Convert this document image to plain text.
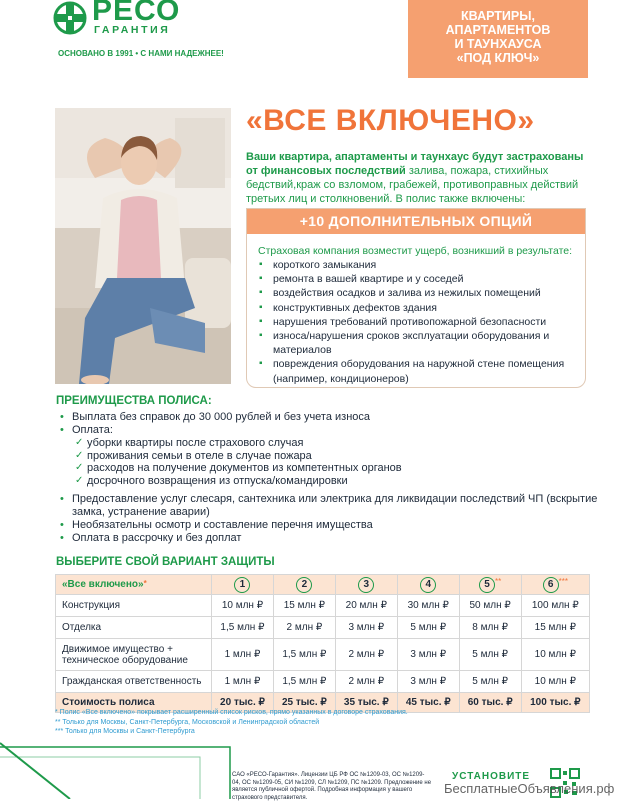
РЕСО
ГАРАНТИЯ
ОСНОВАНО В 1991 • С НАМИ НАДЕЖНЕЕ!
КВАРТИРЫ,
АПАРТАМЕНТОВ
И ТАУНХАУСА
«ПОД КЛЮЧ»
«ВСЕ ВКЛЮЧЕНО»
Ваши квартира, апартаменты и таунхаус будут застрахованы от финансовых последствий залива, пожара, стихийных бедствий,краж со взломом, грабежей, противоправных действий третьих лиц и столкновений. В полис также включены:
+10 ДОПОЛНИТЕЛЬНЫХ ОПЦИЙ
Страховая компания возместит ущерб, возникший в результате:
▪ короткого замыкания
▪ ремонта в вашей квартире и у соседей
▪ воздействия осадков и залива из нежилых помещений
▪ конструктивных дефектов здания
▪ нарушения требований противопожарной безопасности
▪ износа/нарушения сроков эксплуатации оборудования и материалов
▪ повреждения оборудования на наружной стене помещения (например, кондиционеров)
ПРЕИМУЩЕСТВА ПОЛИСА:
• Выплата без справок до 30 000 рублей и без учета износа
• Оплата:
✓ уборки квартиры после страхового случая
✓ проживания семьи в отеле в случае пожара
✓ расходов на получение документов из компетентных органов
✓ досрочного возвращения из отпуска/командировки
• Предоставление услуг слесаря, сантехника или электрика для ликвидации последствий ЧП (вскрытие замка, устранение аварии)
• Необязательны осмотр и составление перечня имущества
• Оплата в рассрочку и без доплат
ВЫБЕРИТЕ СВОЙ ВАРИАНТ ЗАЩИТЫ
«Все включено»*	1	2	3	4	5 **	6 ***
Конструкция	10 млн ₽	15 млн ₽	20 млн ₽	30 млн ₽	50 млн ₽	100 млн ₽
Отделка	1,5 млн ₽	2 млн ₽	3 млн ₽	5 млн ₽	8 млн ₽	15 млн ₽
Движимое имущество + техническое оборудование	1 млн ₽	1,5 млн ₽	2 млн ₽	3 млн ₽	5 млн ₽	10 млн ₽
Гражданская ответственность	1 млн ₽	1,5 млн ₽	2 млн ₽	3 млн ₽	5 млн ₽	10 млн ₽
Стоимость полиса	20 тыс. ₽	25 тыс. ₽	35 тыс. ₽	45 тыс. ₽	60 тыс. ₽	100 тыс. ₽
* Полис «Все включено» покрывает расширенный список рисков, прямо указанных в договоре страхования.
** Только для Москвы, Санкт-Петербурга, Московской и Ленинградской областей
*** Только для Москвы и Санкт-Петербурга
САО «РЕСО-Гарантия». Лицензии ЦБ РФ ОС №1209-03, ОС №1209-04, ОС №1209-05, СИ №1209, СЛ №1209, ПС №1209. Предложение не является публичной офертой. Подробная информация у вашего страхового представителя.
УСТАНОВИТЕ
БесплатныеОбъявления.рф
